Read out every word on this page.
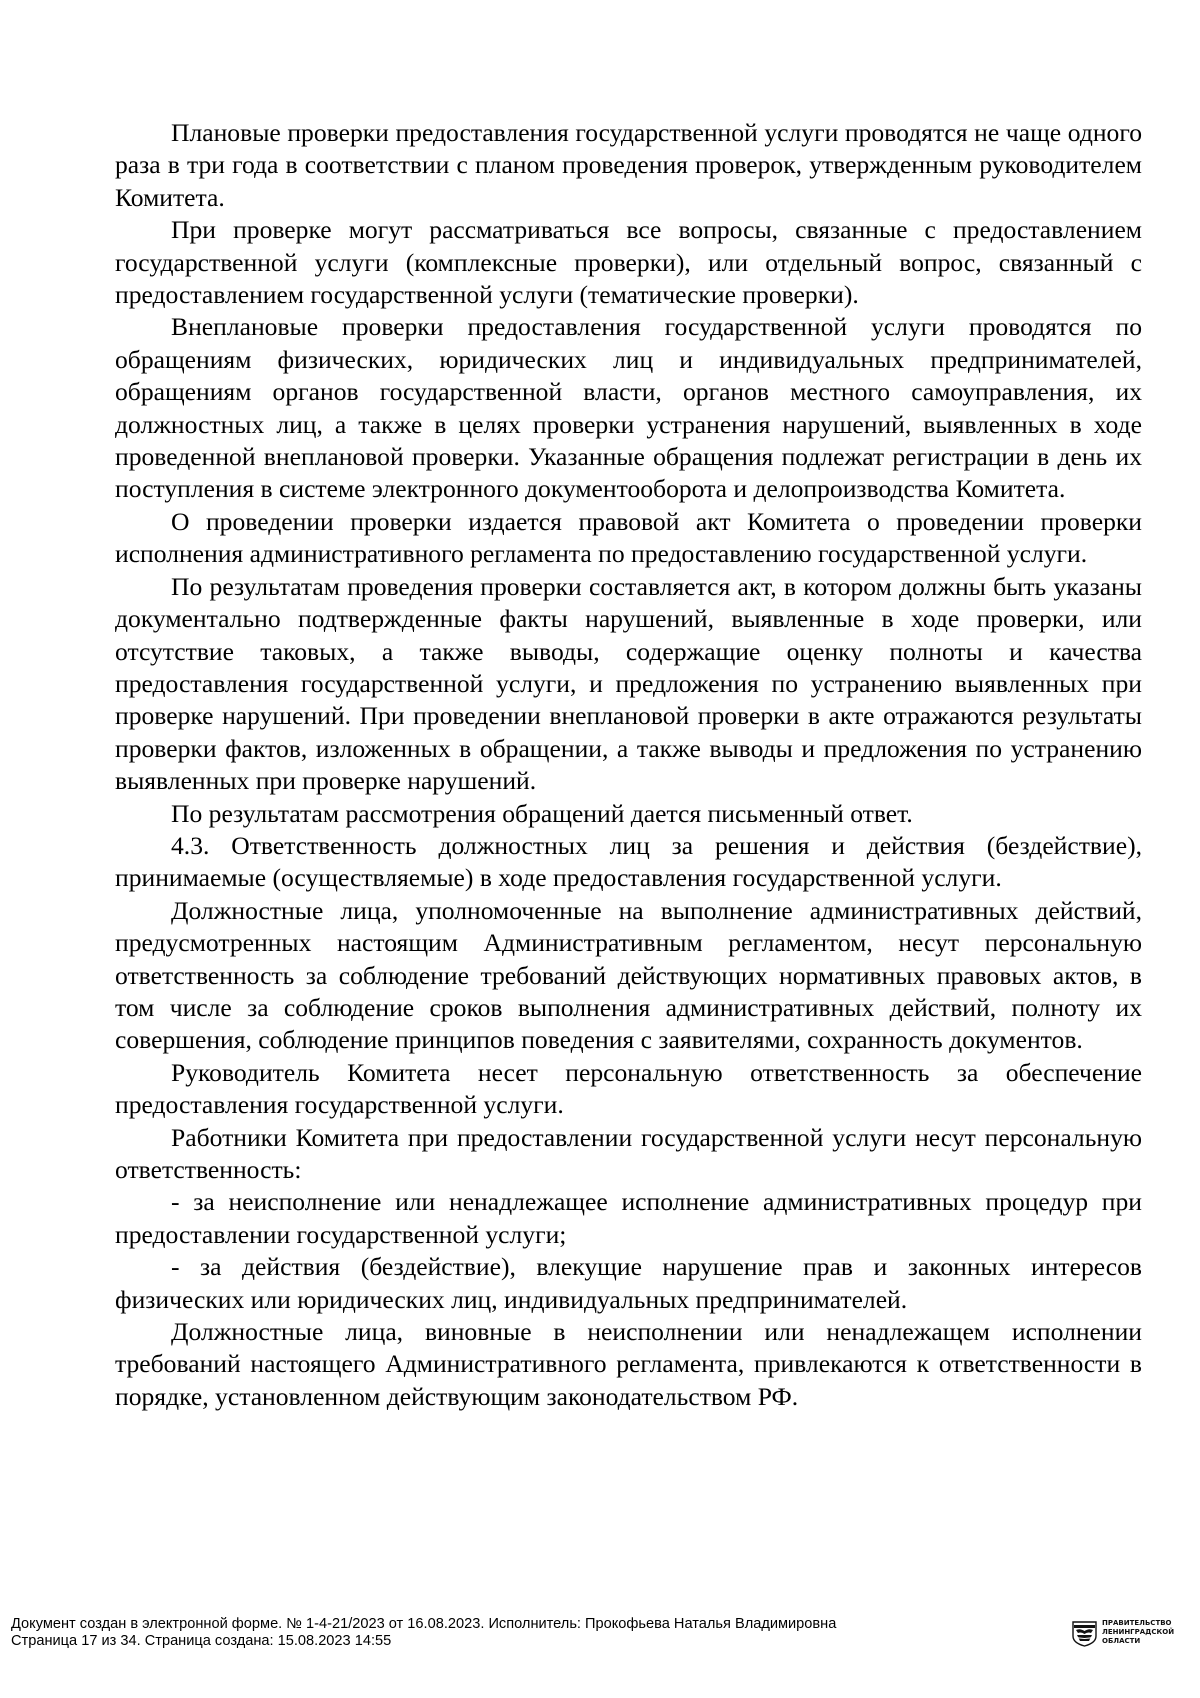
Плановые проверки предоставления государственной услуги проводятся не чаще одного раза в три года в соответствии с планом проведения проверок, утвержденным руководителем Комитета.

При проверке могут рассматриваться все вопросы, связанные с предоставлением государственной услуги (комплексные проверки), или отдельный вопрос, связанный с предоставлением государственной услуги (тематические проверки).

Внеплановые проверки предоставления государственной услуги проводятся по обращениям физических, юридических лиц и индивидуальных предпринимателей, обращениям органов государственной власти, органов местного самоуправления, их должностных лиц, а также в целях проверки устранения нарушений, выявленных в ходе проведенной внеплановой проверки. Указанные обращения подлежат регистрации в день их поступления в системе электронного документооборота и делопроизводства Комитета.

О проведении проверки издается правовой акт Комитета о проведении проверки исполнения административного регламента по предоставлению государственной услуги.

По результатам проведения проверки составляется акт, в котором должны быть указаны документально подтвержденные факты нарушений, выявленные в ходе проверки, или отсутствие таковых, а также выводы, содержащие оценку полноты и качества предоставления государственной услуги, и предложения по устранению выявленных при проверке нарушений. При проведении внеплановой проверки в акте отражаются результаты проверки фактов, изложенных в обращении, а также выводы и предложения по устранению выявленных при проверке нарушений.

По результатам рассмотрения обращений дается письменный ответ.

4.3. Ответственность должностных лиц за решения и действия (бездействие), принимаемые (осуществляемые) в ходе предоставления государственной услуги.

Должностные лица, уполномоченные на выполнение административных действий, предусмотренных настоящим Административным регламентом, несут персональную ответственность за соблюдение требований действующих нормативных правовых актов, в том числе за соблюдение сроков выполнения административных действий, полноту их совершения, соблюдение принципов поведения с заявителями, сохранность документов.

Руководитель Комитета несет персональную ответственность за обеспечение предоставления государственной услуги.

Работники Комитета при предоставлении государственной услуги несут персональную ответственность:

- за неисполнение или ненадлежащее исполнение административных процедур при предоставлении государственной услуги;

- за действия (бездействие), влекущие нарушение прав и законных интересов физических или юридических лиц, индивидуальных предпринимателей.

Должностные лица, виновные в неисполнении или ненадлежащем исполнении требований настоящего Административного регламента, привлекаются к ответственности в порядке, установленном действующим законодательством РФ.

Документ создан в электронной форме. № 1-4-21/2023 от 16.08.2023. Исполнитель: Прокофьева Наталья Владимировна
Страница 17 из 34. Страница создана: 15.08.2023 14:55
ПРАВИТЕЛЬСТВО
ЛЕНИНГРАДСКОЙ
ОБЛАСТИ
